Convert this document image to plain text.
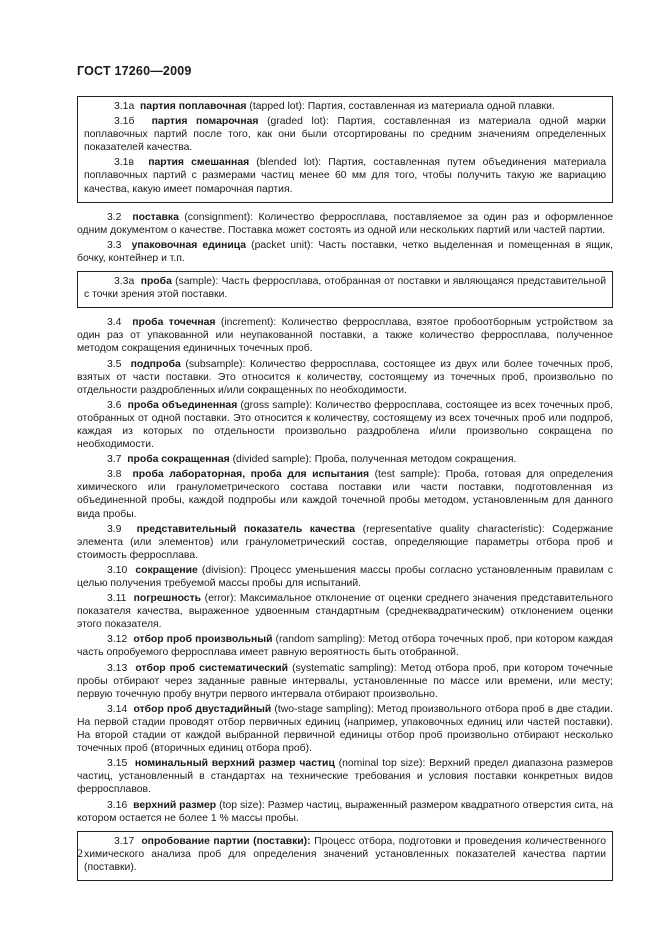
ГОСТ 17260—2009

3.1а партия поплавочная (tapped lot): Партия, составленная из материала одной плавки.

3.1б партия помарочная (graded lot): Партия, составленная из материала одной марки поплавочных партий после того, как они были отсортированы по средним значениям определенных показателей качества.

3.1в партия смешанная (blended lot): Партия, составленная путем объединения материала поплавочных партий с размерами частиц менее 60 мм для того, чтобы получить такую же вариацию качества, какую имеет помарочная партия.

3.2 поставка (consignment): Количество ферросплава, поставляемое за один раз и оформленное одним документом о качестве. Поставка может состоять из одной или нескольких партий или частей партии.

3.3 упаковочная единица (packet unit): Часть поставки, четко выделенная и помещенная в ящик, бочку, контейнер и т.п.

3.3а проба (sample): Часть ферросплава, отобранная от поставки и являющаяся представительной с точки зрения этой поставки.

3.4 проба точечная (increment): Количество ферросплава, взятое пробоотборным устройством за один раз от упакованной или неупакованной поставки, а также количество ферросплава, полученное методом сокращения единичных точечных проб.

3.5 подпроба (subsample): Количество ферросплава, состоящее из двух или более точечных проб, взятых от части поставки. Это относится к количеству, состоящему из точечных проб, произвольно по отдельности раздробленных и/или сокращенных по необходимости.

3.6 проба объединенная (gross sample): Количество ферросплава, состоящее из всех точечных проб, отобранных от одной поставки. Это относится к количеству, состоящему из всех точечных проб или подпроб, каждая из которых по отдельности произвольно раздроблена и/или произвольно сокращена по необходимости.

3.7 проба сокращенная (divided sample): Проба, полученная методом сокращения.

3.8 проба лабораторная, проба для испытания (test sample): Проба, готовая для определения химического или гранулометрического состава поставки или части поставки, подготовленная из объединенной пробы, каждой подпробы или каждой точечной пробы методом, установленным для данного вида пробы.

3.9 представительный показатель качества (representative quality characteristic): Содержание элемента (или элементов) или гранулометрический состав, определяющие параметры отбора проб и стоимость ферросплава.

3.10 сокращение (division): Процесс уменьшения массы пробы согласно установленным правилам с целью получения требуемой массы пробы для испытаний.

3.11 погрешность (error): Максимальное отклонение от оценки среднего значения представительного показателя качества, выраженное удвоенным стандартным (среднеквадратическим) отклонением оценки этого показателя.

3.12 отбор проб произвольный (random sampling): Метод отбора точечных проб, при котором каждая часть опробуемого ферросплава имеет равную вероятность быть отобранной.

3.13 отбор проб систематический (systematic sampling): Метод отбора проб, при котором точечные пробы отбирают через заданные равные интервалы, установленные по массе или времени, или месту; первую точечную пробу внутри первого интервала отбирают произвольно.

3.14 отбор проб двустадийный (two-stage sampling): Метод произвольного отбора проб в две стадии. На первой стадии проводят отбор первичных единиц (например, упаковочных единиц или частей поставки). На второй стадии от каждой выбранной первичной единицы отбор проб произвольно отбирают несколько точечных проб (вторичных единиц отбора проб).

3.15 номинальный верхний размер частиц (nominal top size): Верхний предел диапазона размеров частиц, установленный в стандартах на технические требования и условия поставки конкретных видов ферросплавов.

3.16 верхний размер (top size): Размер частиц, выраженный размером квадратного отверстия сита, на котором остается не более 1 % массы пробы.

3.17 опробование партии (поставки): Процесс отбора, подготовки и проведения количественного химического анализа проб для определения значений установленных показателей качества партии (поставки).

2
